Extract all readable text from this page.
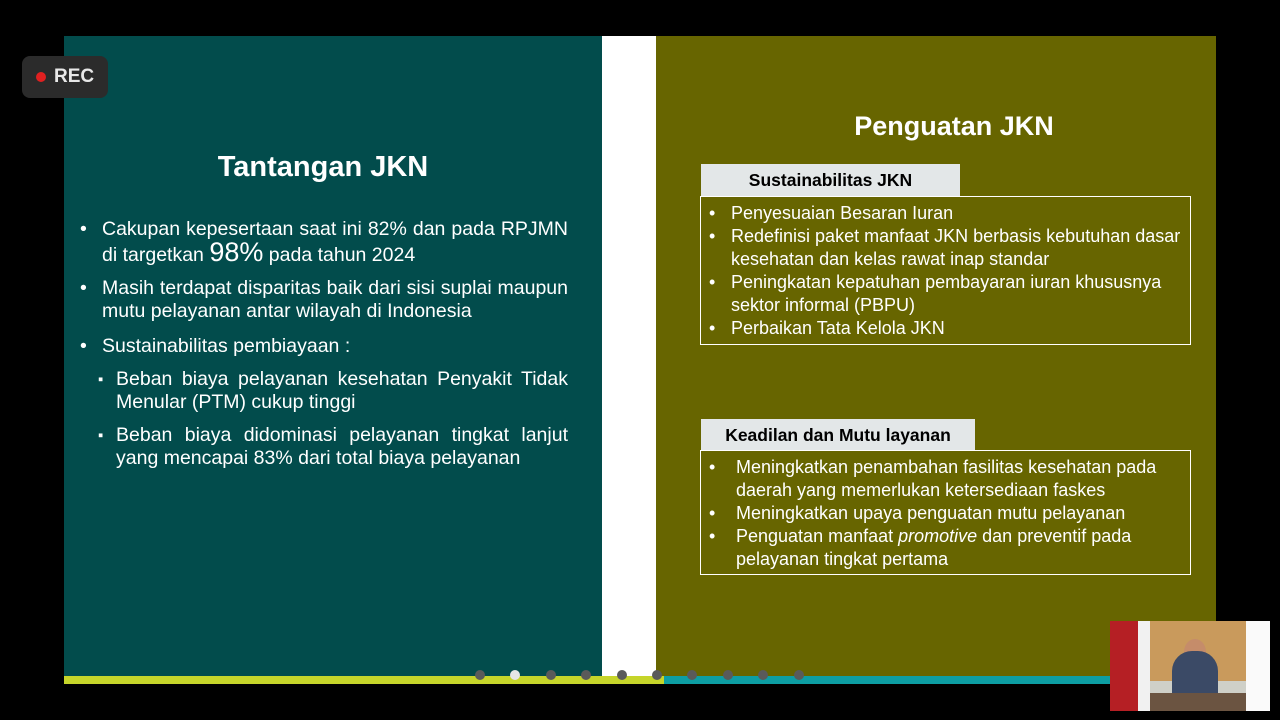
Tantangan JKN
• Cakupan kepesertaan saat ini 82% dan pada RPJMN di targetkan 98% pada tahun 2024
• Masih terdapat disparitas baik dari sisi suplai maupun mutu pelayanan antar wilayah di Indonesia
• Sustainabilitas pembiayaan :
▪ Beban biaya pelayanan kesehatan Penyakit Tidak Menular (PTM) cukup tinggi
▪ Beban biaya didominasi pelayanan tingkat lanjut yang mencapai 83% dari total biaya pelayanan
Penguatan JKN
Sustainabilitas JKN
• Penyesuaian Besaran Iuran
• Redefinisi paket manfaat JKN berbasis kebutuhan dasar kesehatan dan kelas rawat inap standar
• Peningkatan kepatuhan pembayaran iuran khususnya sektor informal (PBPU)
• Perbaikan Tata Kelola JKN
Keadilan dan Mutu layanan
• Meningkatkan penambahan fasilitas kesehatan pada daerah yang memerlukan ketersediaan faskes
• Meningkatkan upaya penguatan mutu pelayanan
• Penguatan manfaat promotive dan preventif pada pelayanan tingkat pertama
REC
